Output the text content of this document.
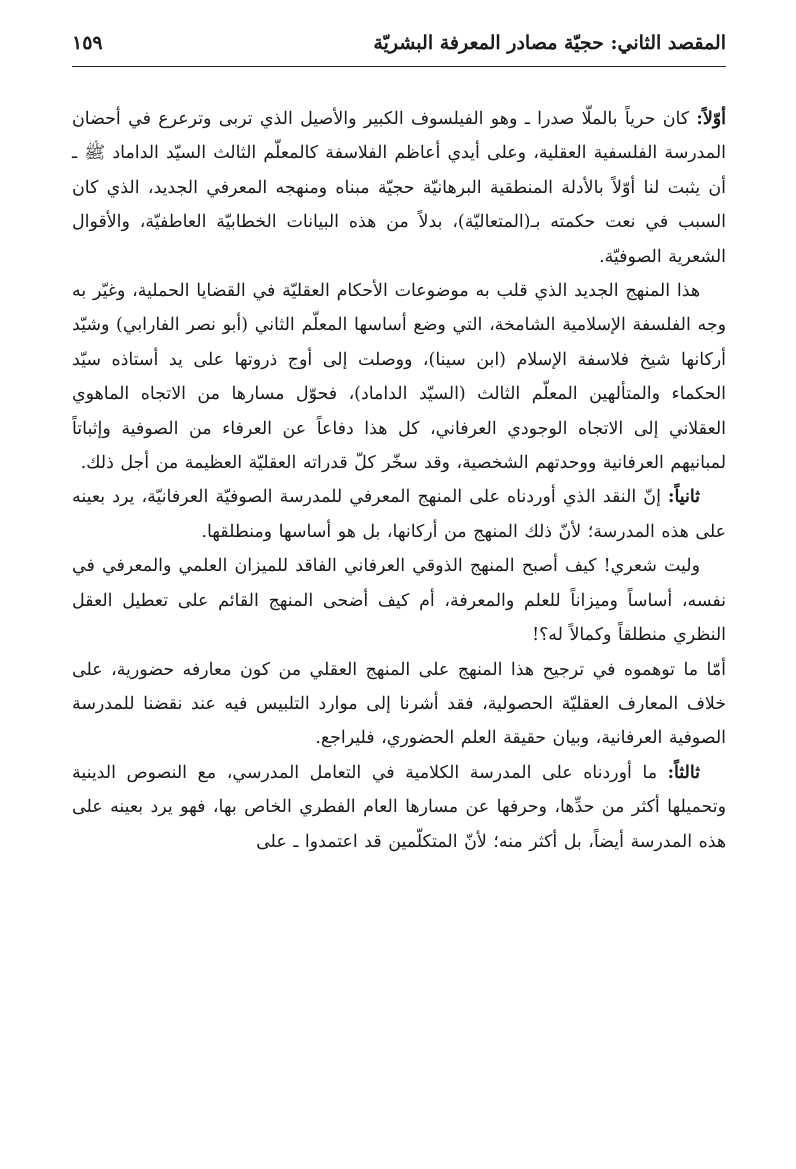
المقصد الثاني: حجيّة مصادر المعرفة البشريّة
١٥٩

أوّلاً: كان حرياً بالملّا صدرا ـ وهو الفيلسوف الكبير والأصيل الذي تربى وترعرع في أحضان المدرسة الفلسفية العقلية، وعلى أيدي أعاظم الفلاسفة كالمعلّم الثالث السيّد الداماد ﷺ ـ أن يثبت لنا أوّلاً بالأدلة المنطقية البرهانيّة حجيّة مبناه ومنهجه المعرفي الجديد، الذي كان السبب في نعت حكمته بـ(المتعاليّة)، بدلاً من هذه البيانات الخطابيّة العاطفيّة، والأقوال الشعرية الصوفيّة.

هذا المنهج الجديد الذي قلب به موضوعات الأحكام العقليّة في القضايا الحملية، وغيّر به وجه الفلسفة الإسلامية الشامخة، التي وضع أساسها المعلّم الثاني (أبو نصر الفارابي) وشيّد أركانها شيخ فلاسفة الإسلام (ابن سينا)، ووصلت إلى أوج ذروتها على يد أستاذه سيّد الحكماء والمتألهين المعلّم الثالث (السيّد الداماد)، فحوّل مسارها من الاتجاه الماهوي العقلاني إلى الاتجاه الوجودي العرفاني، كل هذا دفاعاً عن العرفاء من الصوفية وإثباتاً لمبانيهم العرفانية ووحدتهم الشخصية، وقد سخّر كلّ قدراته العقليّة العظيمة من أجل ذلك.

ثانياً: إنّ النقد الذي أوردناه على المنهج المعرفي للمدرسة الصوفيّة العرفانيّة، يرد بعينه على هذه المدرسة؛ لأنّ ذلك المنهج من أركانها، بل هو أساسها ومنطلقها.

وليت شعري! كيف أصبح المنهج الذوقي العرفاني الفاقد للميزان العلمي والمعرفي في نفسه، أساساً وميزاناً للعلم والمعرفة، أم كيف أضحى المنهج القائم على تعطيل العقل النظري منطلقاً وكمالاً له؟!

أمّا ما توهموه في ترجيح هذا المنهج على المنهج العقلي من كون معارفه حضورية، على خلاف المعارف العقليّة الحصولية، فقد أشرنا إلى موارد التلبيس فيه عند نقضنا للمدرسة الصوفية العرفانية، وبيان حقيقة العلم الحضوري، فليراجع.

ثالثاً: ما أوردناه على المدرسة الكلامية في التعامل المدرسي، مع النصوص الدينية وتحميلها أكثر من حدِّها، وحرفها عن مسارها العام الفطري الخاص بها، فهو يرد بعينه على هذه المدرسة أيضاً، بل أكثر منه؛ لأنّ المتكلّمين قد اعتمدوا ـ على
